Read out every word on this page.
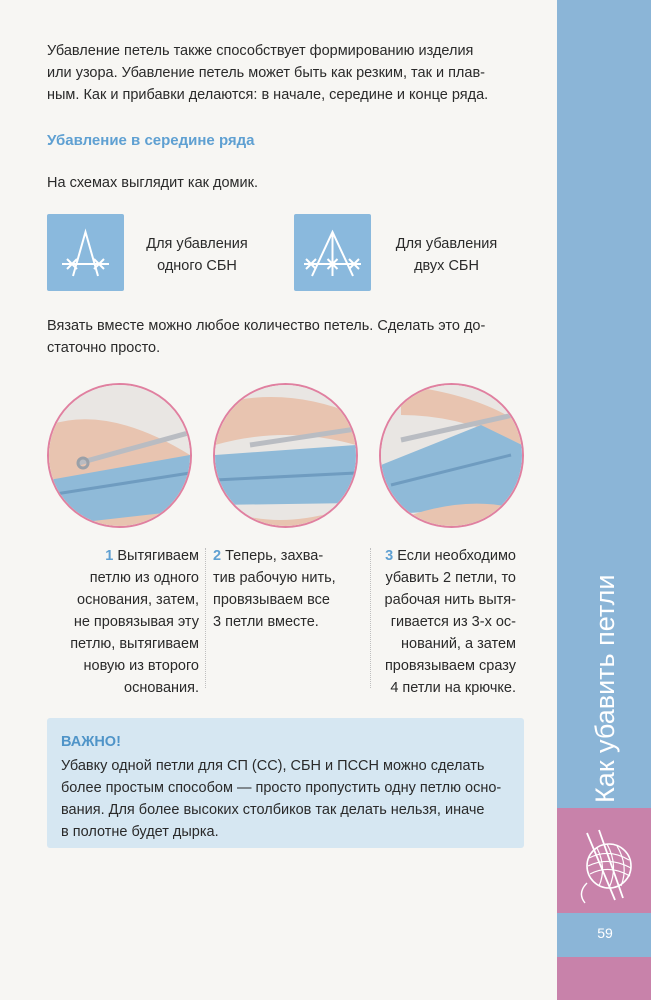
Убавление петель также способствует формированию изделия
или узора. Убавление петель может быть как резким, так и плав-
ным. Как и прибавки делаются: в начале, середине и конце ряда.
Убавление в середине ряда
На схемах выглядит как домик.
Для убавления
одного СБН
Для убавления
двух СБН
Вязать вместе можно любое количество петель. Сделать это до-
статочно просто.
1 Вытягиваем
петлю из одного
основания, затем,
не провязывая эту
петлю, вытягиваем
новую из второго
основания.
2 Теперь, захва-
тив рабочую нить,
провязываем все
3 петли вместе.
3 Если необходимо
убавить 2 петли, то
рабочая нить вытя-
гивается из 3-х ос-
нований, а затем
провязываем сразу
4 петли на крючке.
ВАЖНО!
Убавку одной петли для СП (СС), СБН и ПССН можно сделать
более простым способом — просто пропустить одну петлю осно-
вания. Для более высоких столбиков так делать нельзя, иначе
в полотне будет дырка.
Как убавить петли
59
